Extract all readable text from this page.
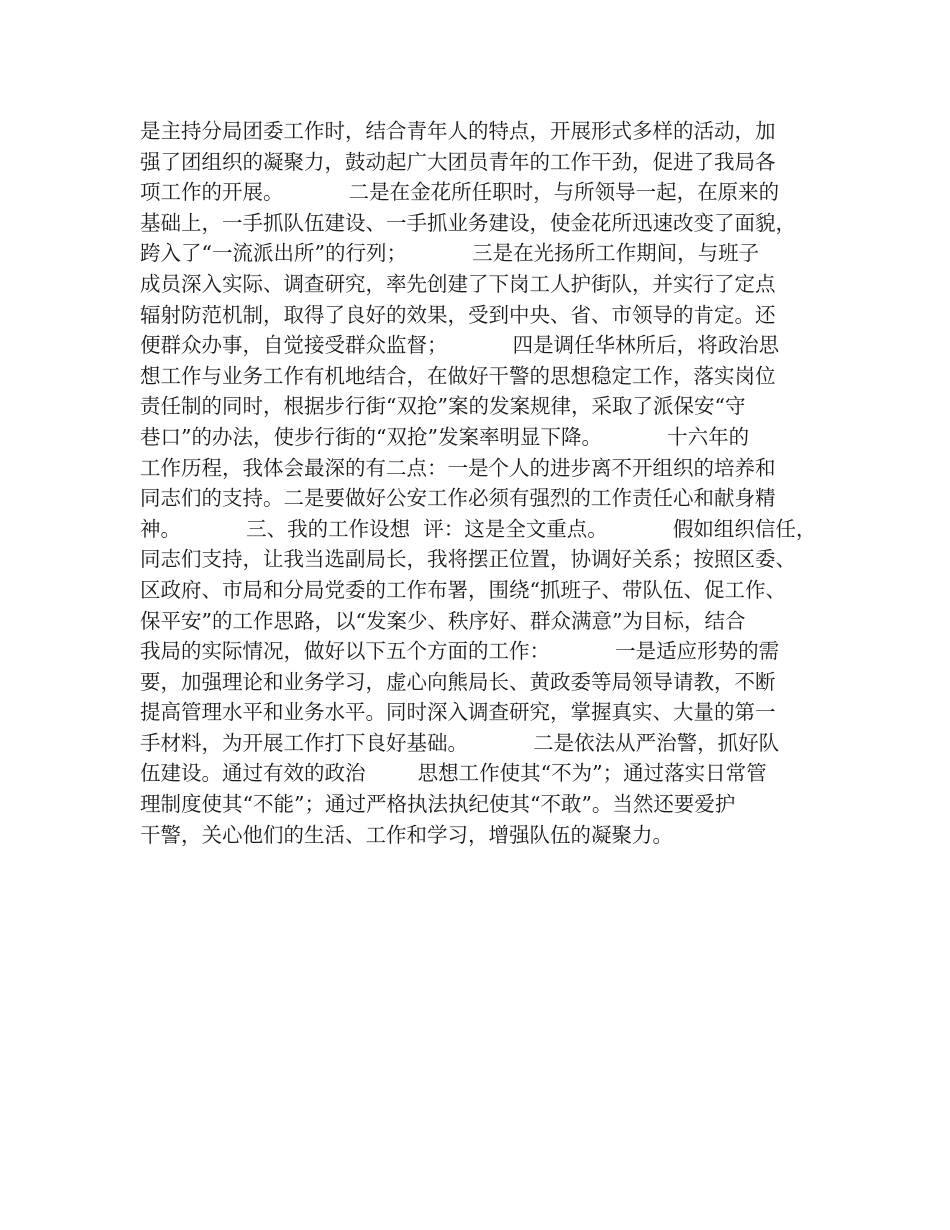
是主持分局团委工作时，结合青年人的特点，开展形式多样的活动，加
强了团组织的凝聚力，鼓动起广大团员青年的工作干劲，促进了我局各
项工作的开展。          二是在金花所任职时，与所领导一起，在原来的
基础上，一手抓队伍建设、一手抓业务建设，使金花所迅速改变了面貌，
跨入了“一流派出所”的行列；          三是在光扬所工作期间，与班子
成员深入实际、调查研究，率先创建了下岗工人护街队，并实行了定点
辐射防范机制，取得了良好的效果，受到中央、省、市领导的肯定。还
便群众办事，自觉接受群众监督；          四是调任华林所后，将政治思
想工作与业务工作有机地结合，在做好干警的思想稳定工作，落实岗位
责任制的同时，根据步行街“双抢”案的发案规律，采取了派保安“守
巷口”的办法，使步行街的“双抢”发案率明显下降。          十六年的
工作历程，我体会最深的有二点：一是个人的进步离不开组织的培养和
同志们的支持。二是要做好公安工作必须有强烈的工作责任心和献身精
神。          三、我的工作设想  评：这是全文重点。          假如组织信任，
同志们支持，让我当选副局长，我将摆正位置，协调好关系；按照区委、
区政府、市局和分局党委的工作布署，围绕“抓班子、带队伍、促工作、
保平安”的工作思路，以“发案少、秩序好、群众满意”为目标，结合
我局的实际情况，做好以下五个方面的工作：          一是适应形势的需
要，加强理论和业务学习，虚心向熊局长、黄政委等局领导请教，不断
提高管理水平和业务水平。同时深入调查研究，掌握真实、大量的第一
手材料，为开展工作打下良好基础。          二是依法从严治警，抓好队
伍建设。通过有效的政治        思想工作使其“不为”；通过落实日常管
理制度使其“不能”；通过严格执法执纪使其“不敢”。当然还要爱护
干警，关心他们的生活、工作和学习，增强队伍的凝聚力。
